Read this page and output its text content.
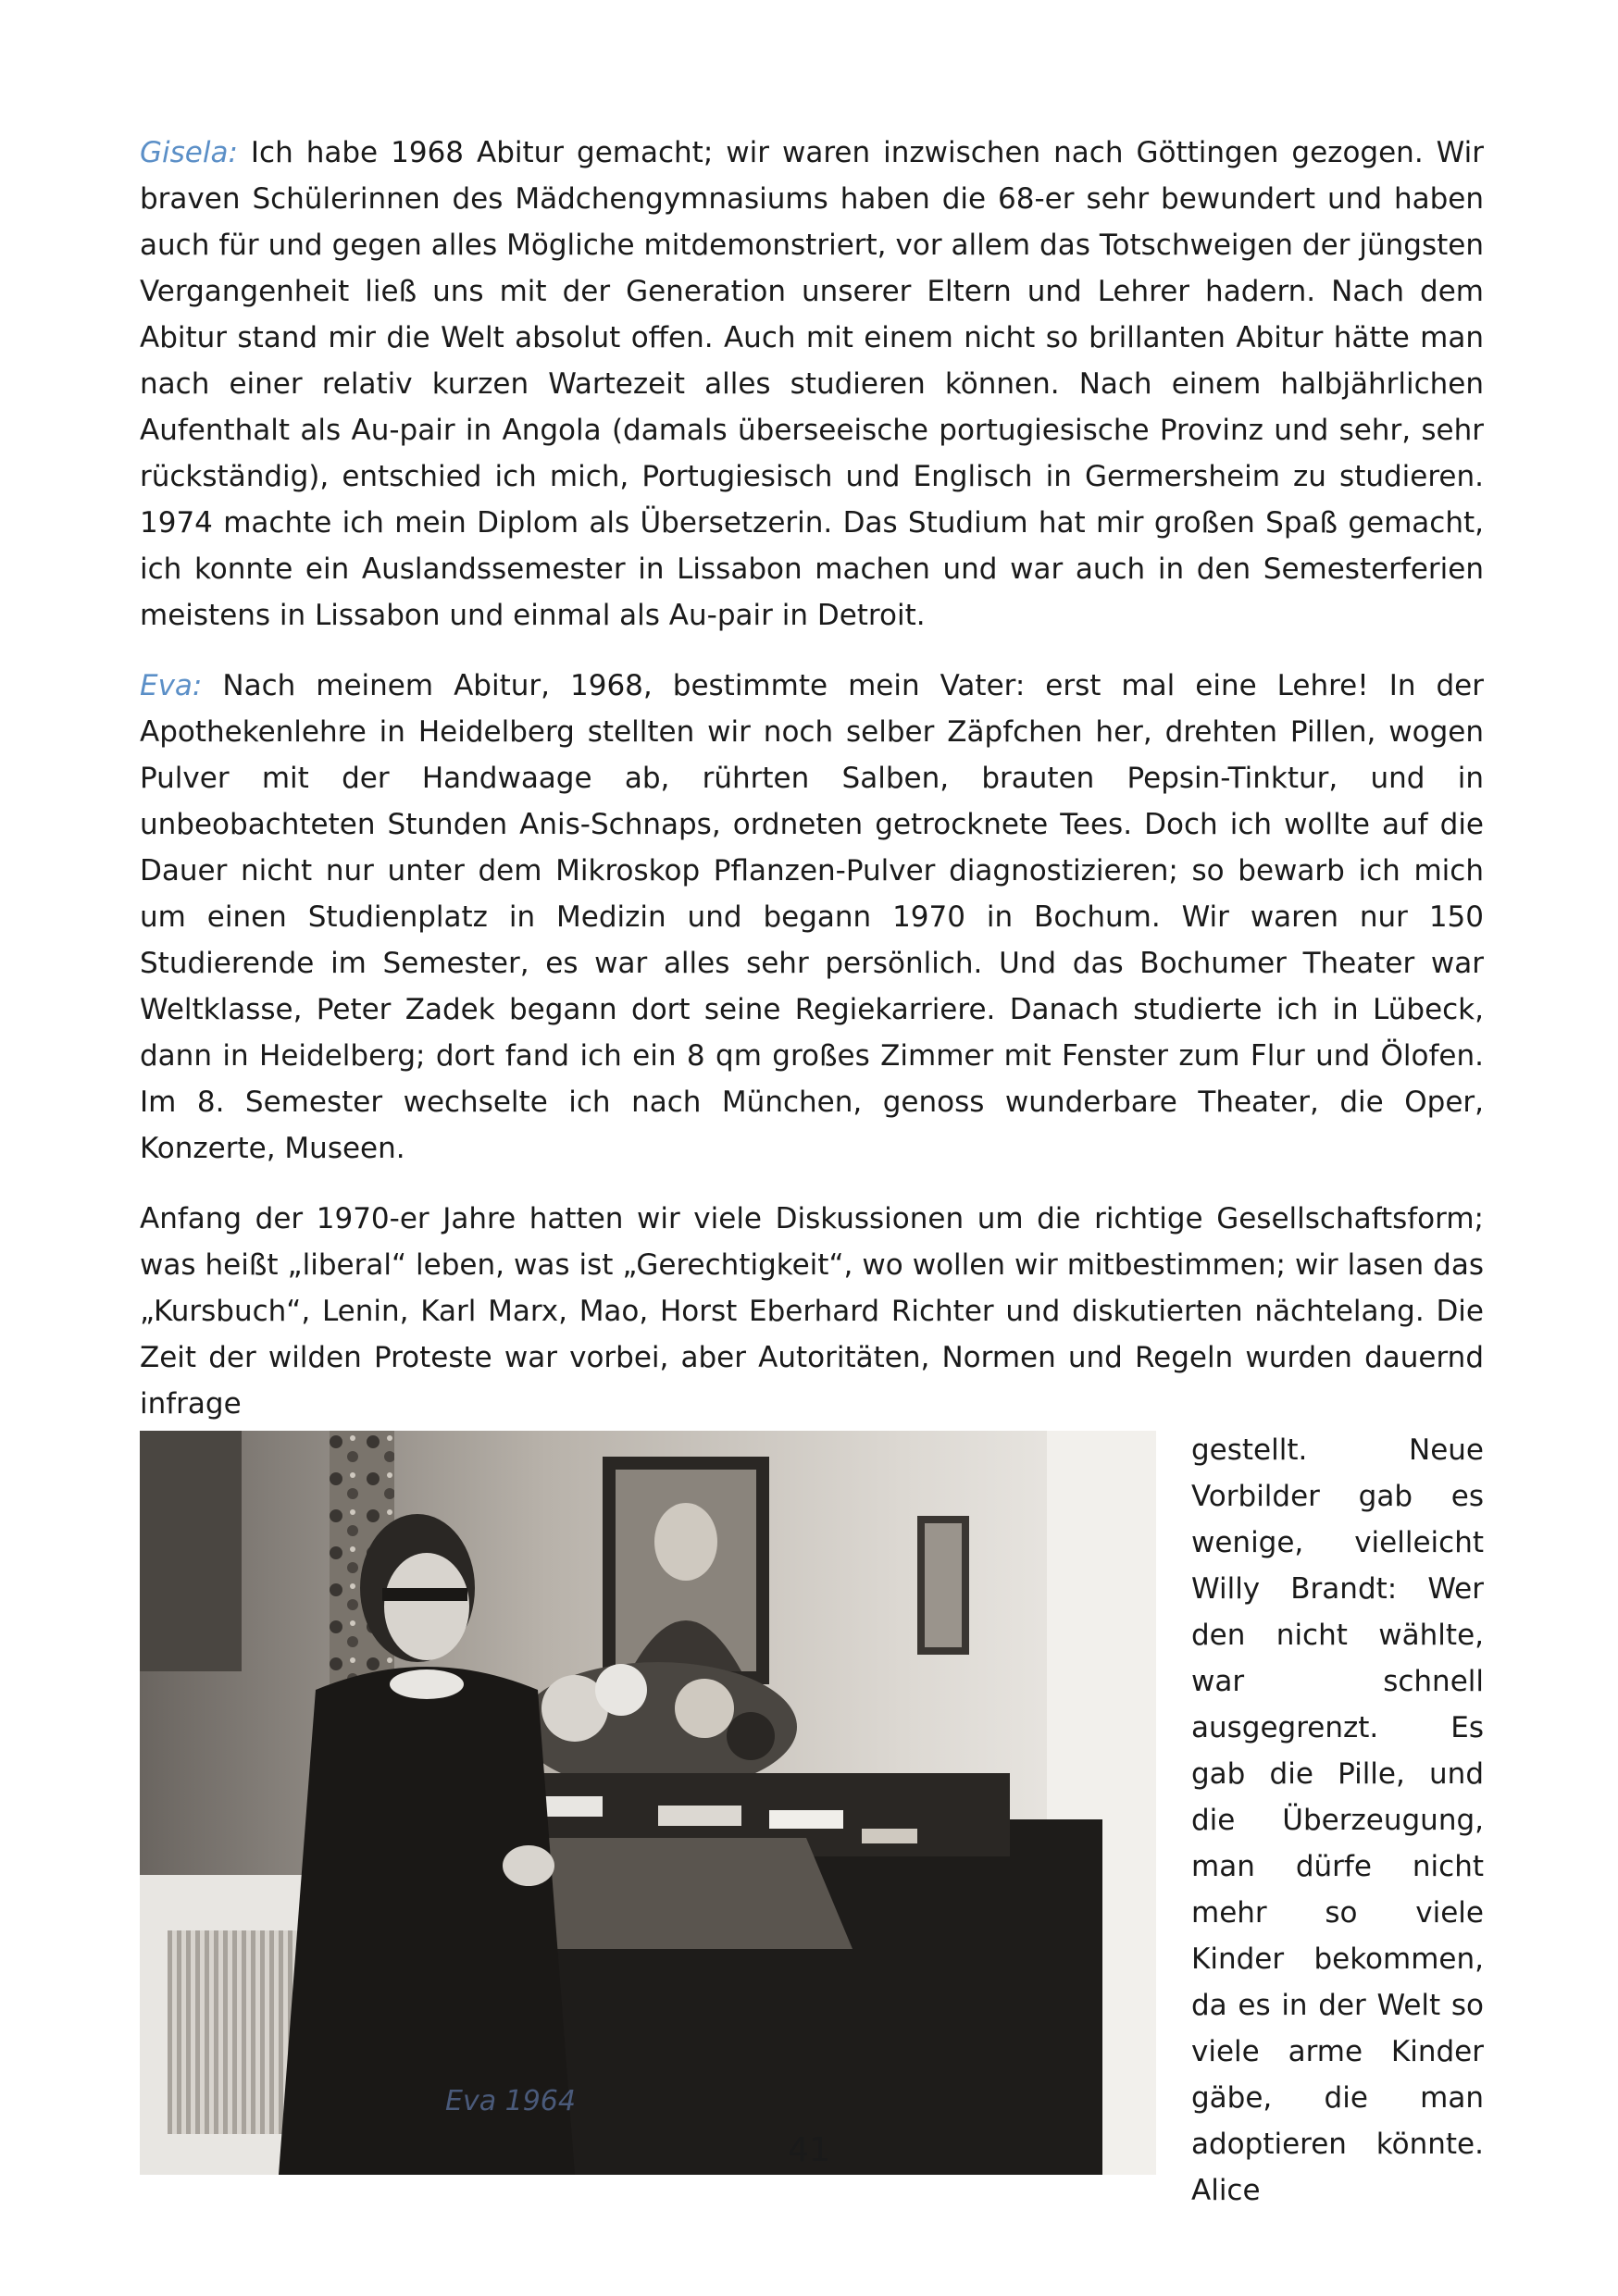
Gisela: Ich habe 1968 Abitur gemacht; wir waren inzwischen nach Göttingen gezogen. Wir braven Schülerinnen des Mädchengymnasiums haben die 68-er sehr bewundert und haben auch für und gegen alles Mögliche mitdemonstriert, vor allem das Totschweigen der jüngsten Vergangenheit ließ uns mit der Generation unserer Eltern und Lehrer hadern. Nach dem Abitur stand mir die Welt absolut offen. Auch mit einem nicht so brillanten Abitur hätte man nach einer relativ kurzen Wartezeit alles studieren können. Nach einem halbjährlichen Aufenthalt als Au-pair in Angola (damals überseeische portugiesische Provinz und sehr, sehr rückständig), entschied ich mich, Portugiesisch und Englisch in Germersheim zu studieren. 1974 machte ich mein Diplom als Übersetzerin. Das Studium hat mir großen Spaß gemacht, ich konnte ein Auslandssemester in Lissabon machen und war auch in den Semesterferien meistens in Lissabon und einmal als Au-pair in Detroit.

Eva: Nach meinem Abitur, 1968, bestimmte mein Vater: erst mal eine Lehre! In der Apothekenlehre in Heidelberg stellten wir noch selber Zäpfchen her, drehten Pillen, wogen Pulver mit der Handwaage ab, rührten Salben, brauten Pepsin-Tinktur, und in unbeobachteten Stunden Anis-Schnaps, ordneten getrocknete Tees. Doch ich wollte auf die Dauer nicht nur unter dem Mikroskop Pflanzen-Pulver diagnostizieren; so bewarb ich mich um einen Studienplatz in Medizin und begann 1970 in Bochum. Wir waren nur 150 Studierende im Semester, es war alles sehr persönlich. Und das Bochumer Theater war Weltklasse, Peter Zadek begann dort seine Regiekarriere. Danach studierte ich in Lübeck, dann in Heidelberg; dort fand ich ein 8 qm großes Zimmer mit Fenster zum Flur und Ölofen. Im 8. Semester wechselte ich nach München, genoss wunderbare Theater, die Oper, Konzerte, Museen.

Anfang der 1970-er Jahre hatten wir viele Diskussionen um die richtige Gesellschaftsform; was heißt „liberal“ leben, was ist „Gerechtigkeit“, wo wollen wir mitbestimmen; wir lasen das „Kursbuch“, Lenin, Karl Marx, Mao, Horst Eberhard Richter und diskutierten nächtelang. Die Zeit der wilden Proteste war vorbei, aber Autoritäten, Normen und Regeln wurden dauernd infrage

gestellt. Neue Vorbilder gab es wenige, vielleicht Willy Brandt: Wer den nicht wählte, war schnell ausgegrenzt. Es gab die Pille, und die Überzeugung, man dürfe nicht mehr so viele Kinder bekommen, da es in der Welt so viele arme Kinder gäbe, die man adoptieren könnte. Alice

Eva 1964
41
